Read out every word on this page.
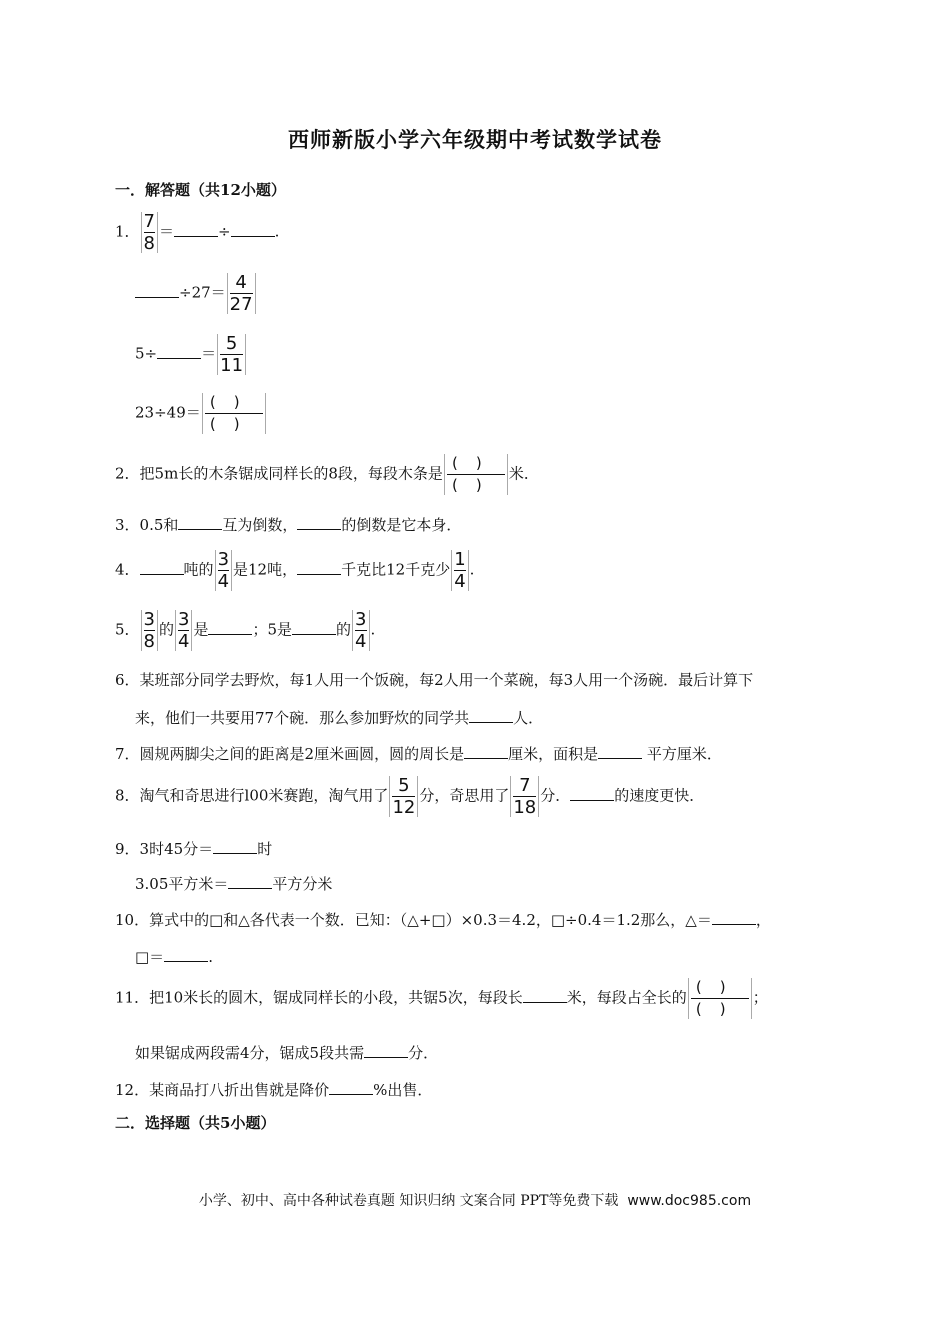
西师新版小学六年级期中考试数学试卷
一．解答题（共12小题）
1． $\frac{7}{8}$ ＝	÷	.
$\div 27= \frac{4}{27}$
5÷	＝ $\frac{5}{11}$
$23\div 49= \frac{()}{()}$
2．把5m长的木条锯成同样长的8段，每段木条是 $\frac{()}{()}$ 米．
3．0.5和	互为倒数，	的倒数是它本身．
4．	吨的 $\frac{3}{4}$ 是12吨，	千克比12千克少 $\frac{1}{4}$ .
5． $\frac{3}{8}$ 的 $\frac{3}{4}$ 是	；5是	的 $\frac{3}{4}$ .
6．某班部分同学去野炊，每1人用一个饭碗，每2人用一个菜碗，每3人用一个汤碗．最后计算下
来，他们一共要用77个碗．那么参加野炊的同学共	人．
7．圆规两脚尖之间的距离是2厘米画圆，圆的周长是	厘米，面积是	平方厘米．
8．淘气和奇思进行l00米赛跑，淘气用了 $\frac{5}{12}$ 分，奇思用了 $\frac{7}{18}$ 分．	的速度更快．
9．3时45分＝	时
3.05平方米＝	平方分米
10．算式中的□和△各代表一个数．已知：（△+□）×0.3＝4.2，□÷0.4＝1.2那么，△＝	，
□＝	.
11．把10米长的圆木，锯成同样长的小段，共锯5次，每段长	米，每段占全长的 $\frac{()}{()}$ ；
如果锯成两段需4分，锯成5段共需	分．
12．某商品打八折出售就是降价	%出售．
二．选择题（共5小题）
小学、初中、高中各种试卷真题 知识归纳 文案合同 PPT等免费下载 www.doc985.com
